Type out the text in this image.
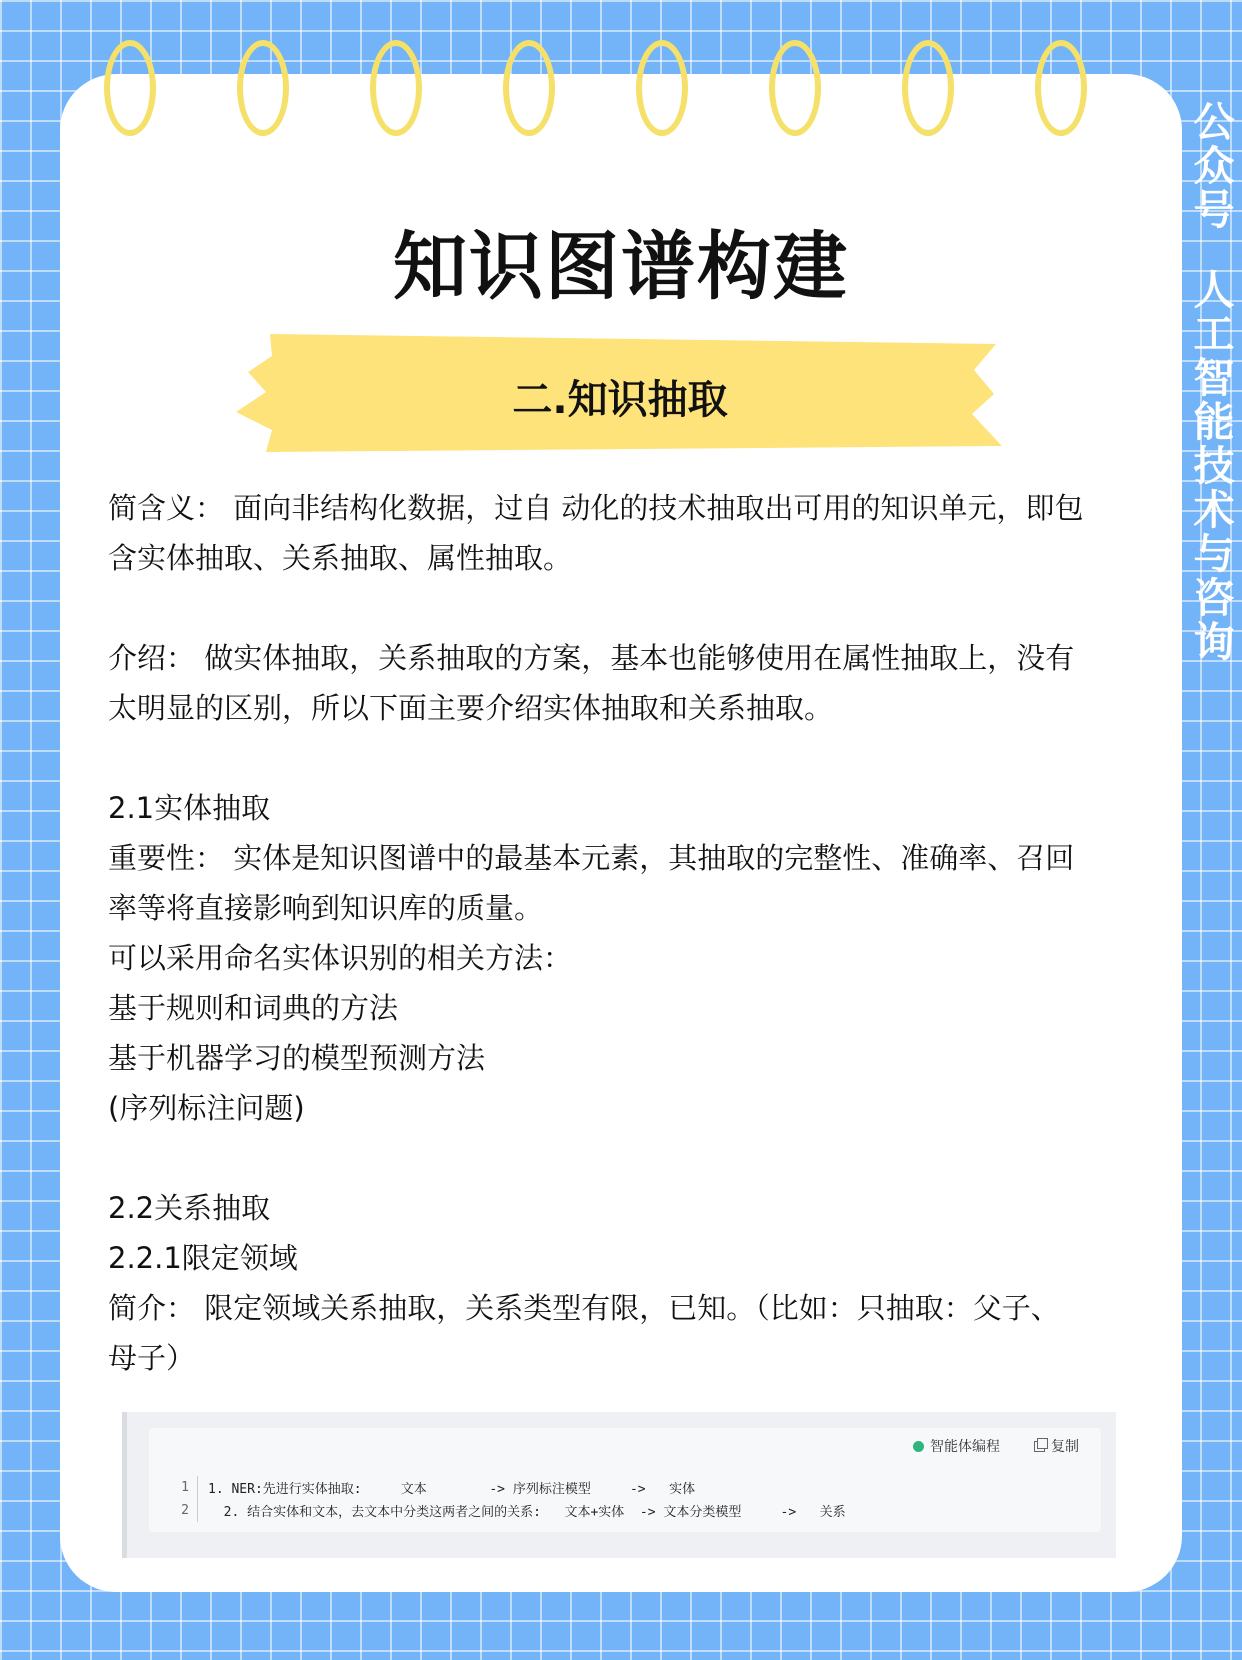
公
众
号
人
工
智
能
技
术
与
咨
询
知识图谱构建
二.知识抽取

简含义： 面向非结构化数据，过自 动化的技术抽取出可用的知识单元，即包

含实体抽取、关系抽取、属性抽取。

介绍： 做实体抽取，关系抽取的方案，基本也能够使用在属性抽取上，没有

太明显的区别，所以下面主要介绍实体抽取和关系抽取。

2.1实体抽取

重要性： 实体是知识图谱中的最基本元素，其抽取的完整性、准确率、召回

率等将直接影响到知识库的质量。

可以采用命名实体识别的相关方法：

基于规则和词典的方法

基于机器学习的模型预测方法

(序列标注问题)

2.2关系抽取

2.2.1限定领域

简介： 限定领域关系抽取，关系类型有限，已知。（比如：只抽取：父子、

母子）

智能体编程	复制
1	1. NER:先进行实体抽取:     文本        -> 序列标注模型     ->   实体
2	2. 结合实体和文本，去文本中分类这两者之间的关系:   文本+实体  -> 文本分类模型     ->   关系
